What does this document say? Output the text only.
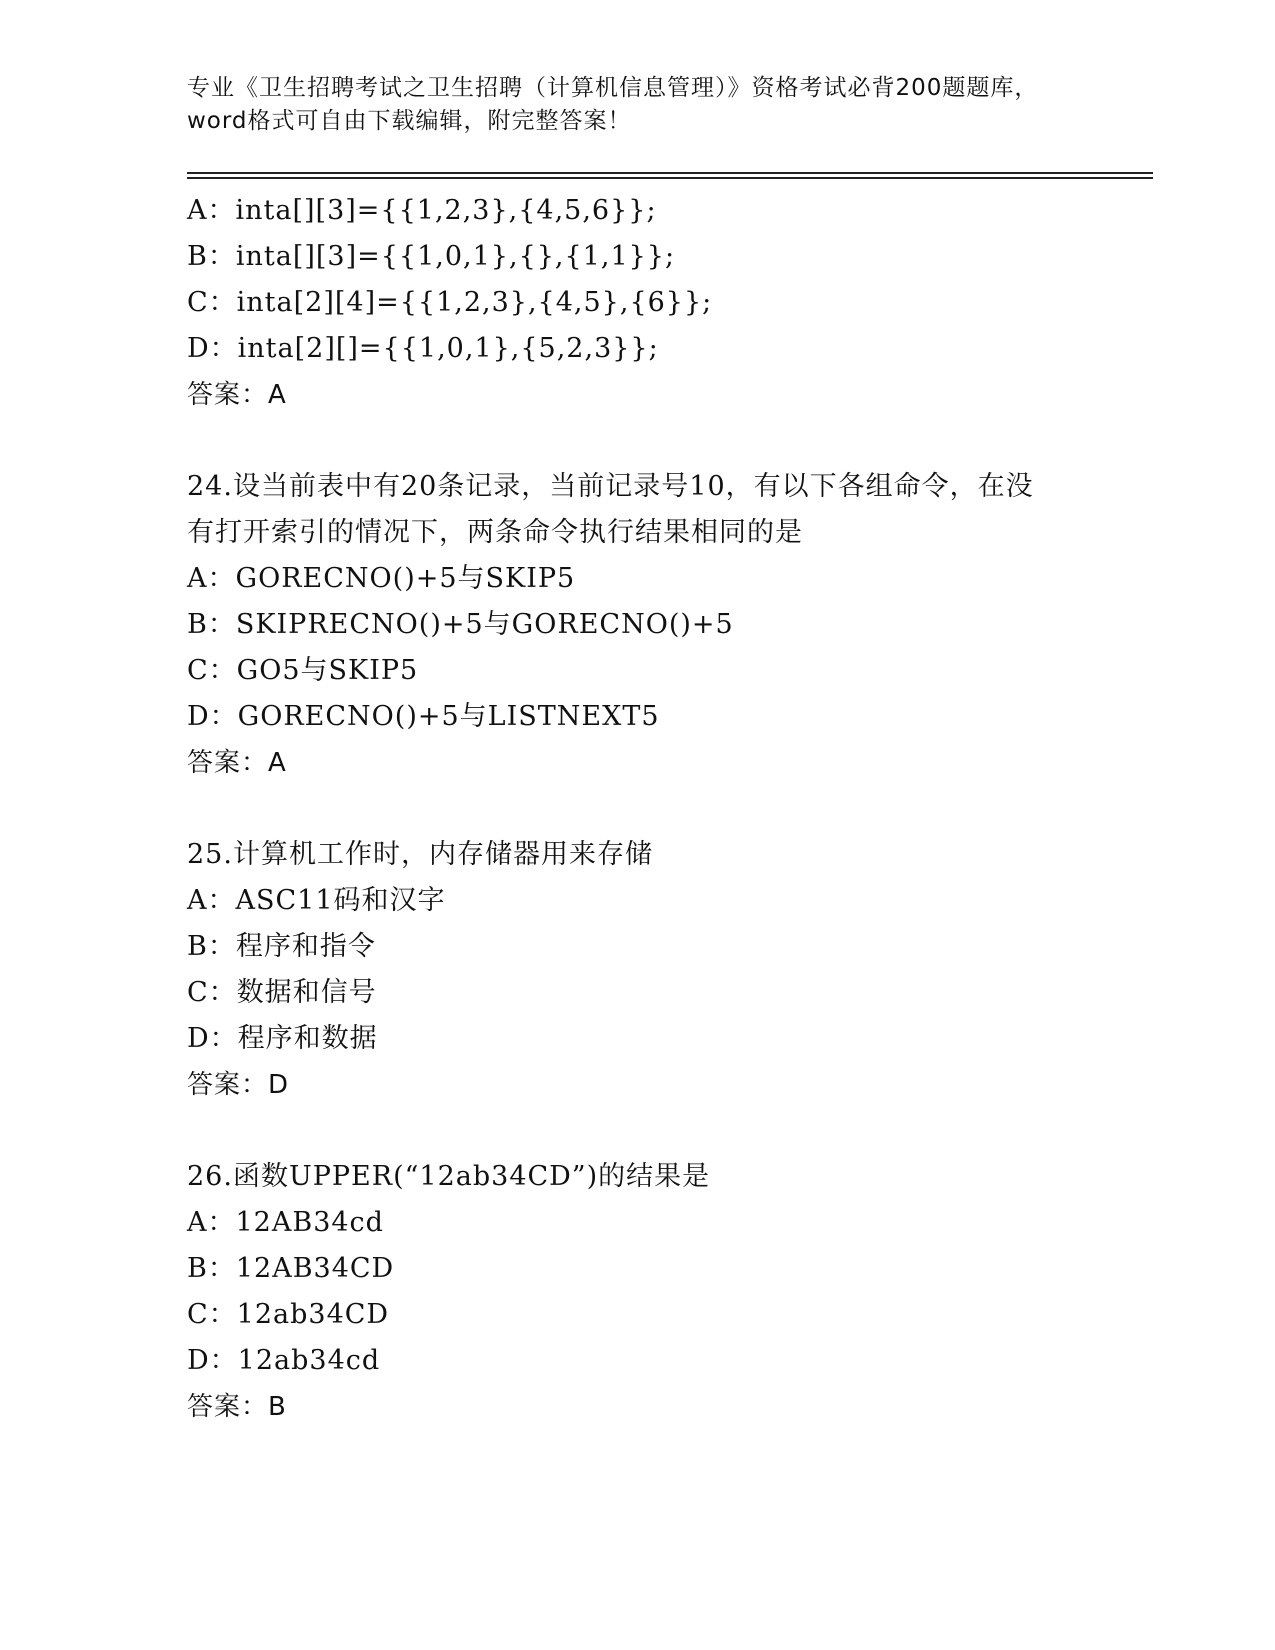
专业《卫生招聘考试之卫生招聘（计算机信息管理）》资格考试必背200题题库，
word格式可自由下载编辑，附完整答案！
A：inta[][3]={{1,2,3},{4,5,6}};
B：inta[][3]={{1,0,1},{},{1,1}};
C：inta[2][4]={{1,2,3},{4,5},{6}};
D：inta[2][]={{1,0,1},{5,2,3}};
答案：A
24.设当前表中有20条记录，当前记录号10，有以下各组命令，在没
有打开索引的情况下，两条命令执行结果相同的是
A：GORECNO()+5与SKIP5
B：SKIPRECNO()+5与GORECNO()+5
C：GO5与SKIP5
D：GORECNO()+5与LISTNEXT5
答案：A
25.计算机工作时，内存储器用来存储
A：ASC11码和汉字
B：程序和指令
C：数据和信号
D：程序和数据
答案：D
26.函数UPPER(“12ab34CD”)的结果是
A：12AB34cd
B：12AB34CD
C：12ab34CD
D：12ab34cd
答案：B
